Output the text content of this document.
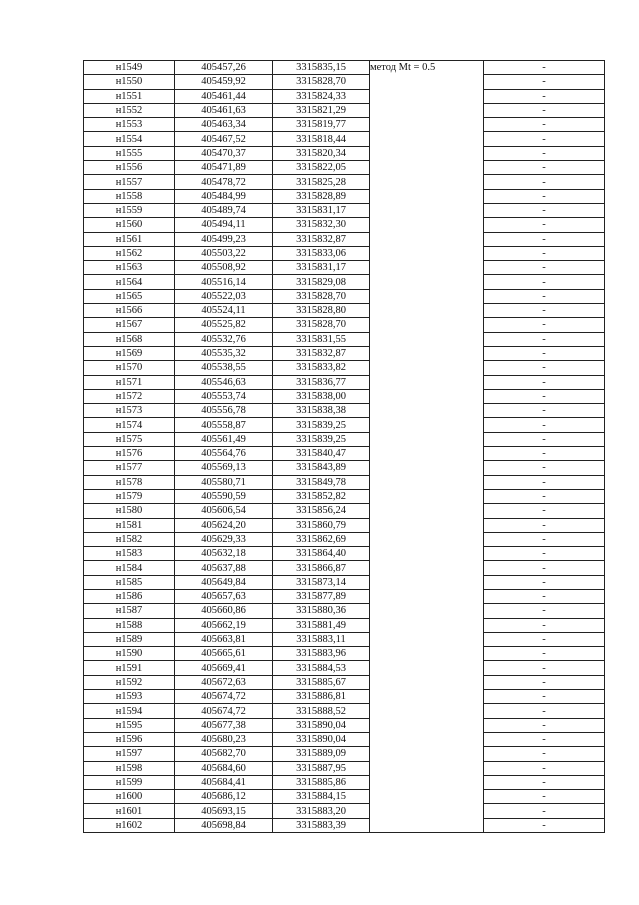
н1549	405457,26	3315835,15	метод Mt = 0.5	-
н1550	405459,92	3315828,70		-
н1551	405461,44	3315824,33		-
н1552	405461,63	3315821,29		-
н1553	405463,34	3315819,77		-
н1554	405467,52	3315818,44		-
н1555	405470,37	3315820,34		-
н1556	405471,89	3315822,05		-
н1557	405478,72	3315825,28		-
н1558	405484,99	3315828,89		-
н1559	405489,74	3315831,17		-
н1560	405494,11	3315832,30		-
н1561	405499,23	3315832,87		-
н1562	405503,22	3315833,06		-
н1563	405508,92	3315831,17		-
н1564	405516,14	3315829,08		-
н1565	405522,03	3315828,70		-
н1566	405524,11	3315828,80		-
н1567	405525,82	3315828,70		-
н1568	405532,76	3315831,55		-
н1569	405535,32	3315832,87		-
н1570	405538,55	3315833,82		-
н1571	405546,63	3315836,77		-
н1572	405553,74	3315838,00		-
н1573	405556,78	3315838,38		-
н1574	405558,87	3315839,25		-
н1575	405561,49	3315839,25		-
н1576	405564,76	3315840,47		-
н1577	405569,13	3315843,89		-
н1578	405580,71	3315849,78		-
н1579	405590,59	3315852,82		-
н1580	405606,54	3315856,24		-
н1581	405624,20	3315860,79		-
н1582	405629,33	3315862,69		-
н1583	405632,18	3315864,40		-
н1584	405637,88	3315866,87		-
н1585	405649,84	3315873,14		-
н1586	405657,63	3315877,89		-
н1587	405660,86	3315880,36		-
н1588	405662,19	3315881,49		-
н1589	405663,81	3315883,11		-
н1590	405665,61	3315883,96		-
н1591	405669,41	3315884,53		-
н1592	405672,63	3315885,67		-
н1593	405674,72	3315886,81		-
н1594	405674,72	3315888,52		-
н1595	405677,38	3315890,04		-
н1596	405680,23	3315890,04		-
н1597	405682,70	3315889,09		-
н1598	405684,60	3315887,95		-
н1599	405684,41	3315885,86		-
н1600	405686,12	3315884,15		-
н1601	405693,15	3315883,20		-
н1602	405698,84	3315883,39		-
